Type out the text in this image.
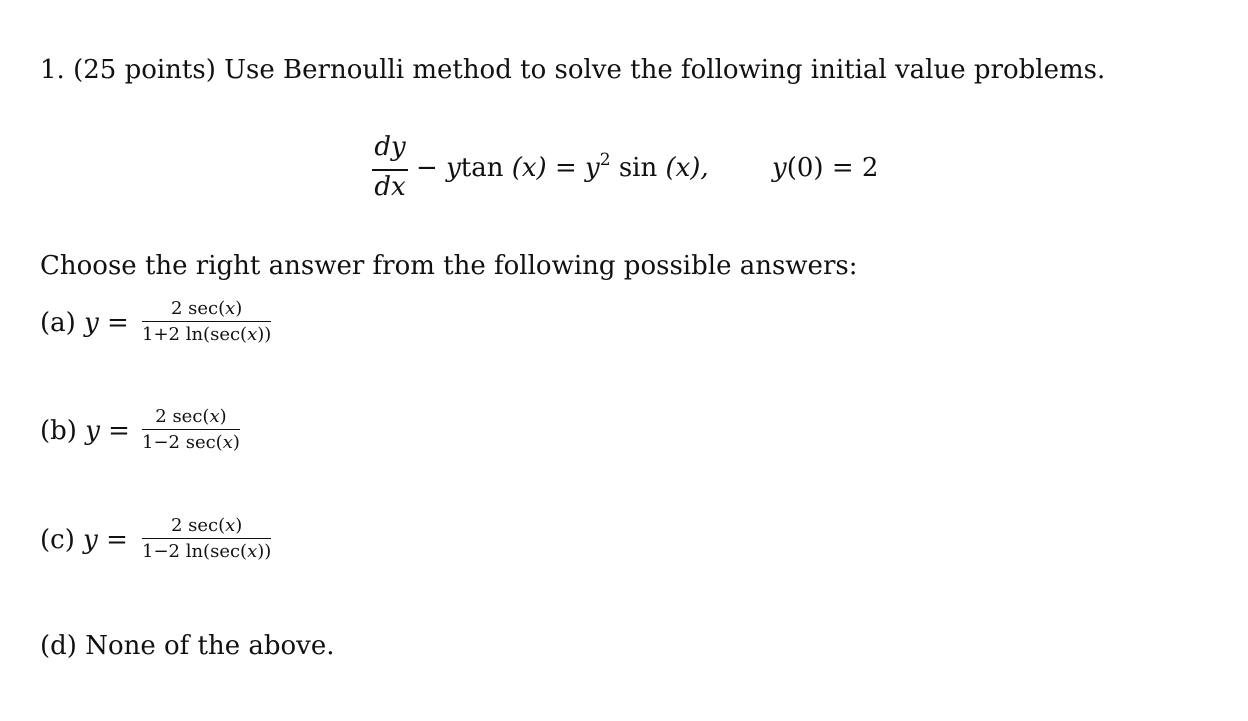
1. (25 points) Use Bernoulli method to solve the following initial value problems.
dy
dx
− ytan $(x) = y^2$ sin (x), y(0) = 2
Choose the right answer from the following possible answers:
(a) y =	2 sec(x)
1+2 ln(sec(x))
(b) y =	2 sec(x)
1−2 sec(x)
(c) y =	2 sec(x)
1−2 ln(sec(x))
(d) None of the above.
